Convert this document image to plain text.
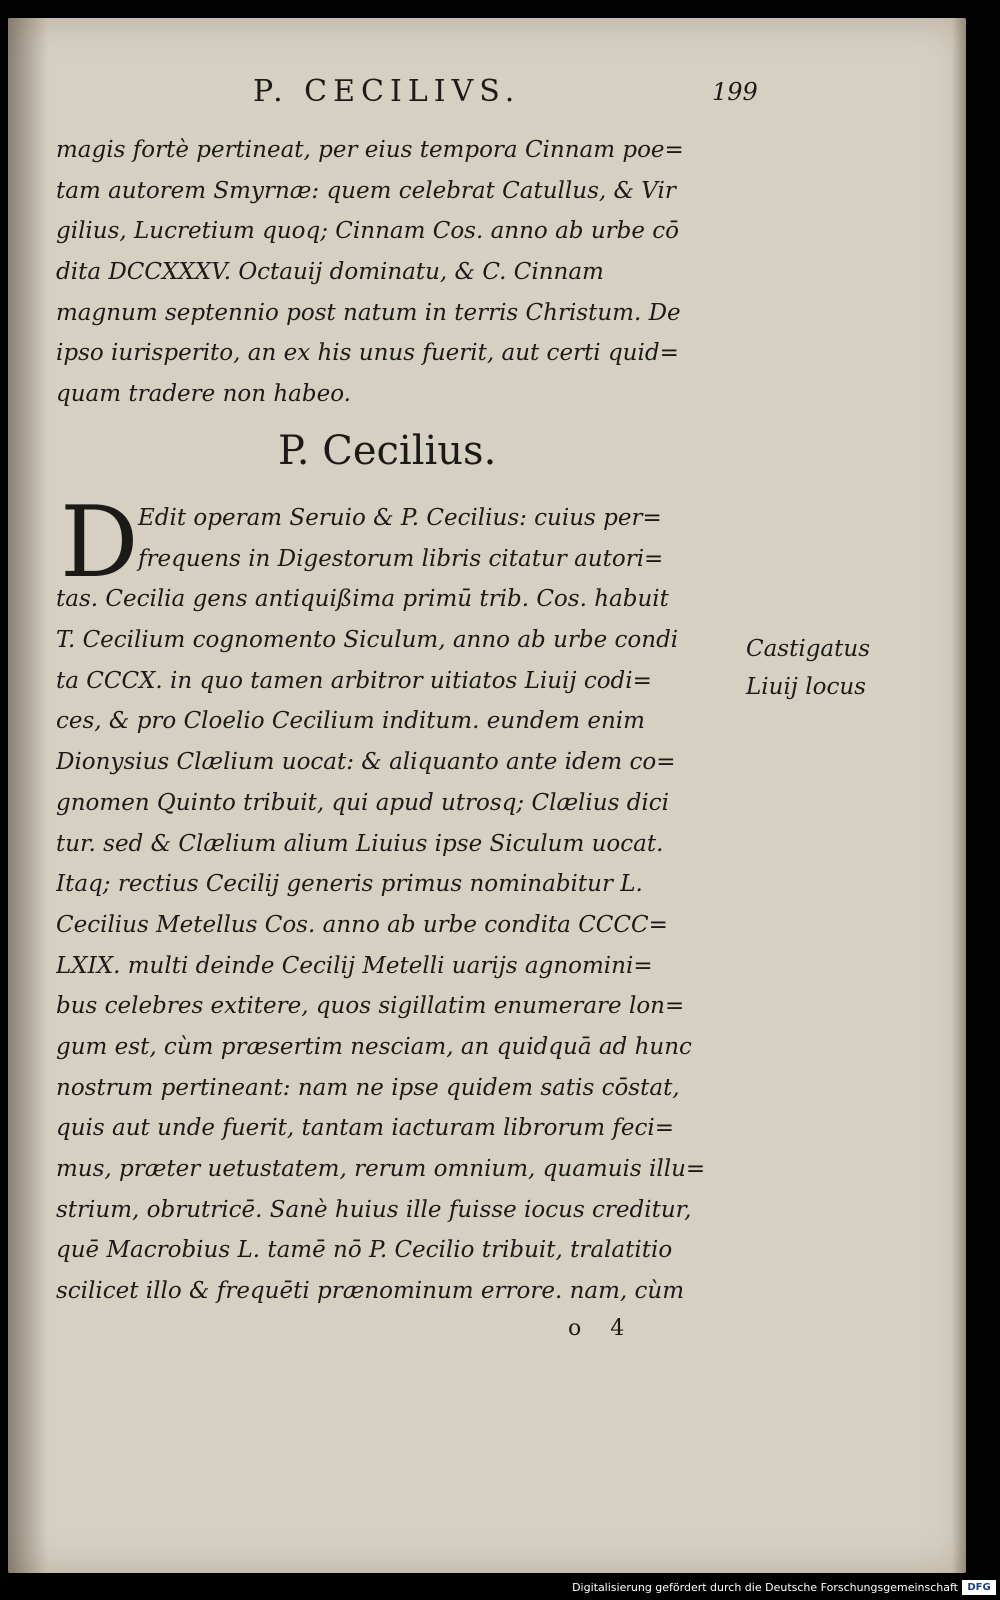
P. CECILIVS.	199
magis fortè pertineat, per eius tempora Cinnam poe=
tam autorem Smyrnæ: quem celebrat Catullus, & Vir
gilius, Lucretium quoq; Cinnam Cos. anno ab urbe cō
dita DCCXXXV. Octauij dominatu, & C. Cinnam
magnum septennio post natum in terris Christum. De
ipso iurisperito, an ex his unus fuerit, aut certi quid=
quam tradere non habeo.
P. Cecilius.
D Edit operam Seruio & P. Cecilius: cuius per=
frequens in Digestorum libris citatur autori=
tas. Cecilia gens antiquißima primū trib. Cos. habuit
T. Cecilium cognomento Siculum, anno ab urbe condi
ta CCCX. in quo tamen arbitror uitiatos Liuij codi=
ces, & pro Cloelio Cecilium inditum. eundem enim
Dionysius Clælium uocat: & aliquanto ante idem co=
gnomen Quinto tribuit, qui apud utrosq; Clælius dici
tur. sed & Clælium alium Liuius ipse Siculum uocat.
Itaq; rectius Cecilij generis primus nominabitur L.
Cecilius Metellus Cos. anno ab urbe condita CCCC=
LXIX. multi deinde Cecilij Metelli uarijs agnomini=
bus celebres extitere, quos sigillatim enumerare lon=
gum est, cùm præsertim nesciam, an quidquā ad hunc
nostrum pertineant: nam ne ipse quidem satis cōstat,
quis aut unde fuerit, tantam iacturam librorum feci=
mus, præter uetustatem, rerum omnium, quamuis illu=
strium, obrutricē. Sanè huius ille fuisse iocus creditur,
quē Macrobius L. tamē nō P. Cecilio tribuit, tralatitio
scilicet illo & frequēti prænominum errore. nam, cùm
Castigatus
Liuij locus
o 4
Digitalisierung gefördert durch die Deutsche Forschungsgemeinschaft DFG
